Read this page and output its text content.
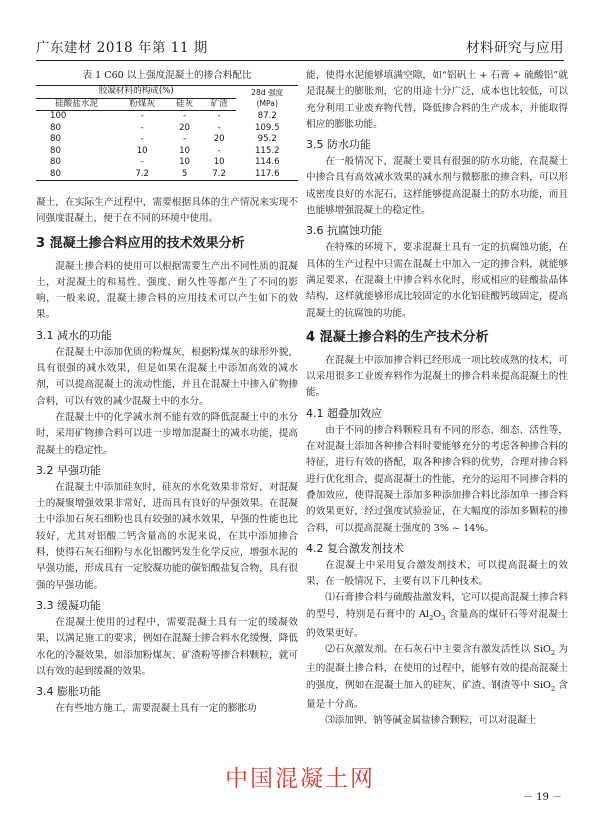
广东建材 2018 年第 11 期	材料研究与应用
表 1 C60 以上强度混凝土的掺合料配比
胶凝材料的构成(%)				28d 强度
(MPa)

硅酸盐水泥	粉煤灰	硅灰	矿渣	
100	-	-	-	87.2
80	-	20	-	109.5
80	-	-	20	95.2
80	10	10	-	115.2
80	-	10	10	114.6
80	7.2	5	7.2	117.6

凝土，在实际生产过程中，需要根据具体的生产情况来实现不同强度混凝土，便于在不同的环境中使用。

3 混凝土掺合料应用的技术效果分析

混凝土掺合料的使用可以根据需要生产出不同性质的混凝土，对混凝土的和易性、强度、耐久性等都产生了不同的影响，一般来说，混凝土掺合料的应用技术可以产生如下的效果。

3.1 减水的功能

在混凝土中添加优质的粉煤灰，根据粉煤灰的球形外貌，具有很强的减水效果，但是如果在混凝土中添加高效的减水剂，可以提高混凝土的流动性能，并且在混凝土中掺入矿物掺合料，可以有效的减少混凝土中的水分。

在混凝土中的化学减水剂不能有效的降低混凝土中的水分时，采用矿物掺合料可以进一步增加混凝土的减水功能，提高混凝土的稳定性。

3.2 早强功能

在混凝土中添加硅灰时，硅灰的水化效果非常好，对混凝土的凝聚增强效果非常好，进而具有良好的早强效果。在混凝土中添加石灰石细粉也具有较强的减水效果，早强的性能也比较好，尤其对铝酸二钙含量高的水泥来说，在其中添加掺合料，使得石灰石细粉与水化铝酸钙发生化学反应，增强水泥的早强功能，形成具有一定胶凝功能的碳铝酸盐复合物，具有很强的早强功能。

3.3 缓凝功能

在混凝土使用的过程中，需要混凝土具有一定的缓凝效果，以满足施工的要求，例如在混凝土掺合料水化缓慢，降低水化的冷凝效果，如添加粉煤灰、矿渣粉等掺合料颗粒，就可以有效的起到缓凝的效果。

3.4 膨胀功能

在有些地方施工，需要混凝土具有一定的膨胀功

能，使得水泥能够填满空隙，如“铝矾土 + 石膏 + 硫酸铝”就是混凝土的膨胀剂，它的用途十分广泛，成本也比较低，可以充分利用工业废弃物代替，降低掺合料的生产成本，并能取得相应的膨胀功能。

3.5 防水功能

在一般情况下，混凝土要具有很强的防水功能，在混凝土中掺合具有高效减水效果的减水剂与微膨胀的掺合料，可以形成密度良好的水泥石，这样能够提高混凝土的防水功能，而且也能够增强混凝土的稳定性。

3.6 抗腐蚀功能

在特殊的环境下，要求混凝土具有一定的抗腐蚀功能，在具体的生产过程中只需在混凝土中加入一定的掺合料，就能够满足要求，在混凝土中掺合料水化时，形成相应的硅酸盐晶体结构，这样就能够形成比较固定的水化铝硅酸钙玻固定，提高混凝土的抗腐蚀的功能。

4 混凝土掺合料的生产技术分析

在混凝土中添加掺合料已经形成一项比较成熟的技术，可以采用很多工业废弃料作为混凝土的掺合料来提高混凝土的性能。

4.1 超叠加效应

由于不同的掺合料颗粒具有不同的形态、细态、活性等，在对混凝土添加各种掺合料时要能够充分的考虑各种掺合料的特征，进行有效的搭配，取各种掺合料的优势，合理对掺合料进行优化组合，提高混凝土的性能，充分的运用不同掺合料的叠加效应，使得混凝土添加多种添加掺合料比添加单一掺合料的效果更好，经过强度试验验证，在大幅度的添加多颗粒的掺合料，可以提高混凝土强度的 3% ~ 14%。

4.2 复合激发剂技术

在混凝土中采用复合激发剂技术，可以提高混凝土的效果，在一般情况下，主要有以下几种技术。

⑴石膏掺合料与硫酸盐激发料，它可以提高混凝土掺合料的型号，特别是石膏中的 $Al_2O_3$ 含量高的煤矸石等对混凝土的效果更好。

⑵石灰激发剂。在石灰石中主要含有激发活性以 SiO$_2$ 为主的混凝土掺合料，在使用的过程中，能够有效的提高混凝土的强度，例如在混凝土加入的硅灰、矿渣、钢渣等中 SiO$_2$ 含量是十分高。

⑶添加钾、钠等碱金属盐掺合颗粒，可以对混凝土

中国混凝土网
－ 19 －
